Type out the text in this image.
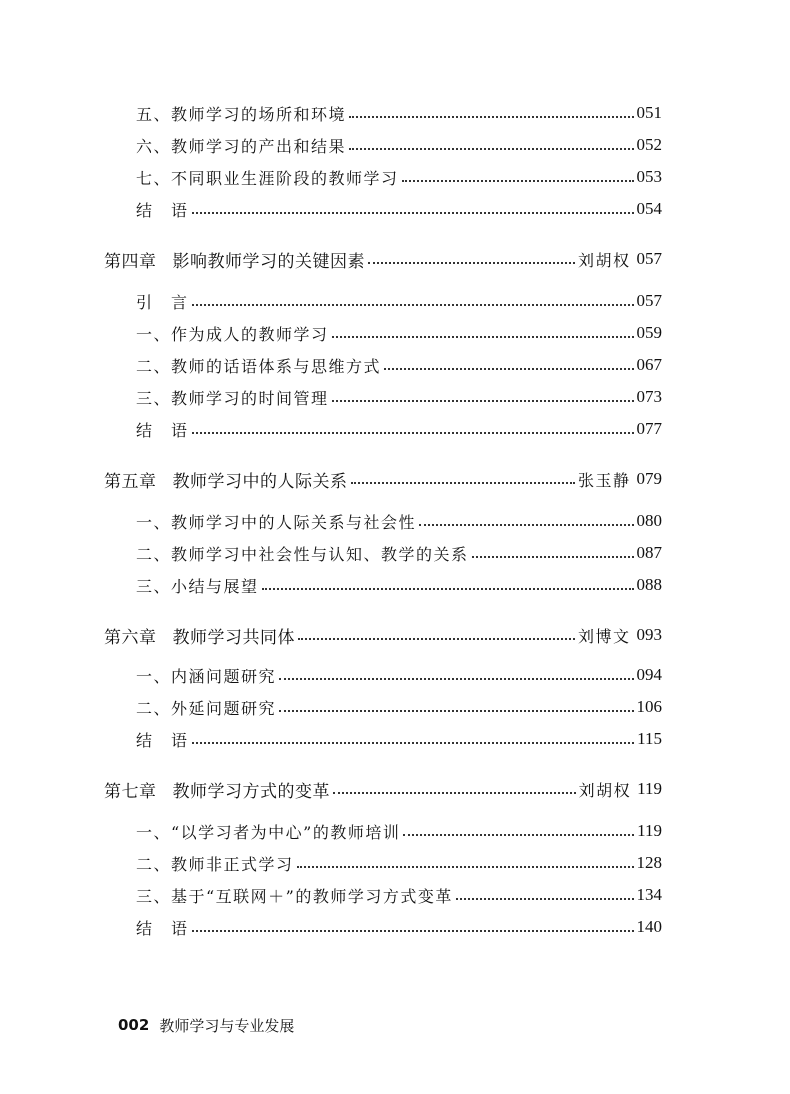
五、教师学习的场所和环境	051
六、教师学习的产出和结果	052
七、不同职业生涯阶段的教师学习	053
结　语	054
第四章 影响教师学习的关键因素	刘胡权 057
引　言	057
一、作为成人的教师学习	059
二、教师的话语体系与思维方式	067
三、教师学习的时间管理	073
结　语	077
第五章 教师学习中的人际关系	张玉静 079
一、教师学习中的人际关系与社会性	080
二、教师学习中社会性与认知、教学的关系	087
三、小结与展望	088
第六章 教师学习共同体	刘博文 093
一、内涵问题研究	094
二、外延问题研究	106
结　语	115
第七章 教师学习方式的变革	刘胡权 119
一、“以学习者为中心”的教师培训	119
二、教师非正式学习	128
三、基于“互联网＋”的教师学习方式变革	134
结　语	140
002 教师学习与专业发展
